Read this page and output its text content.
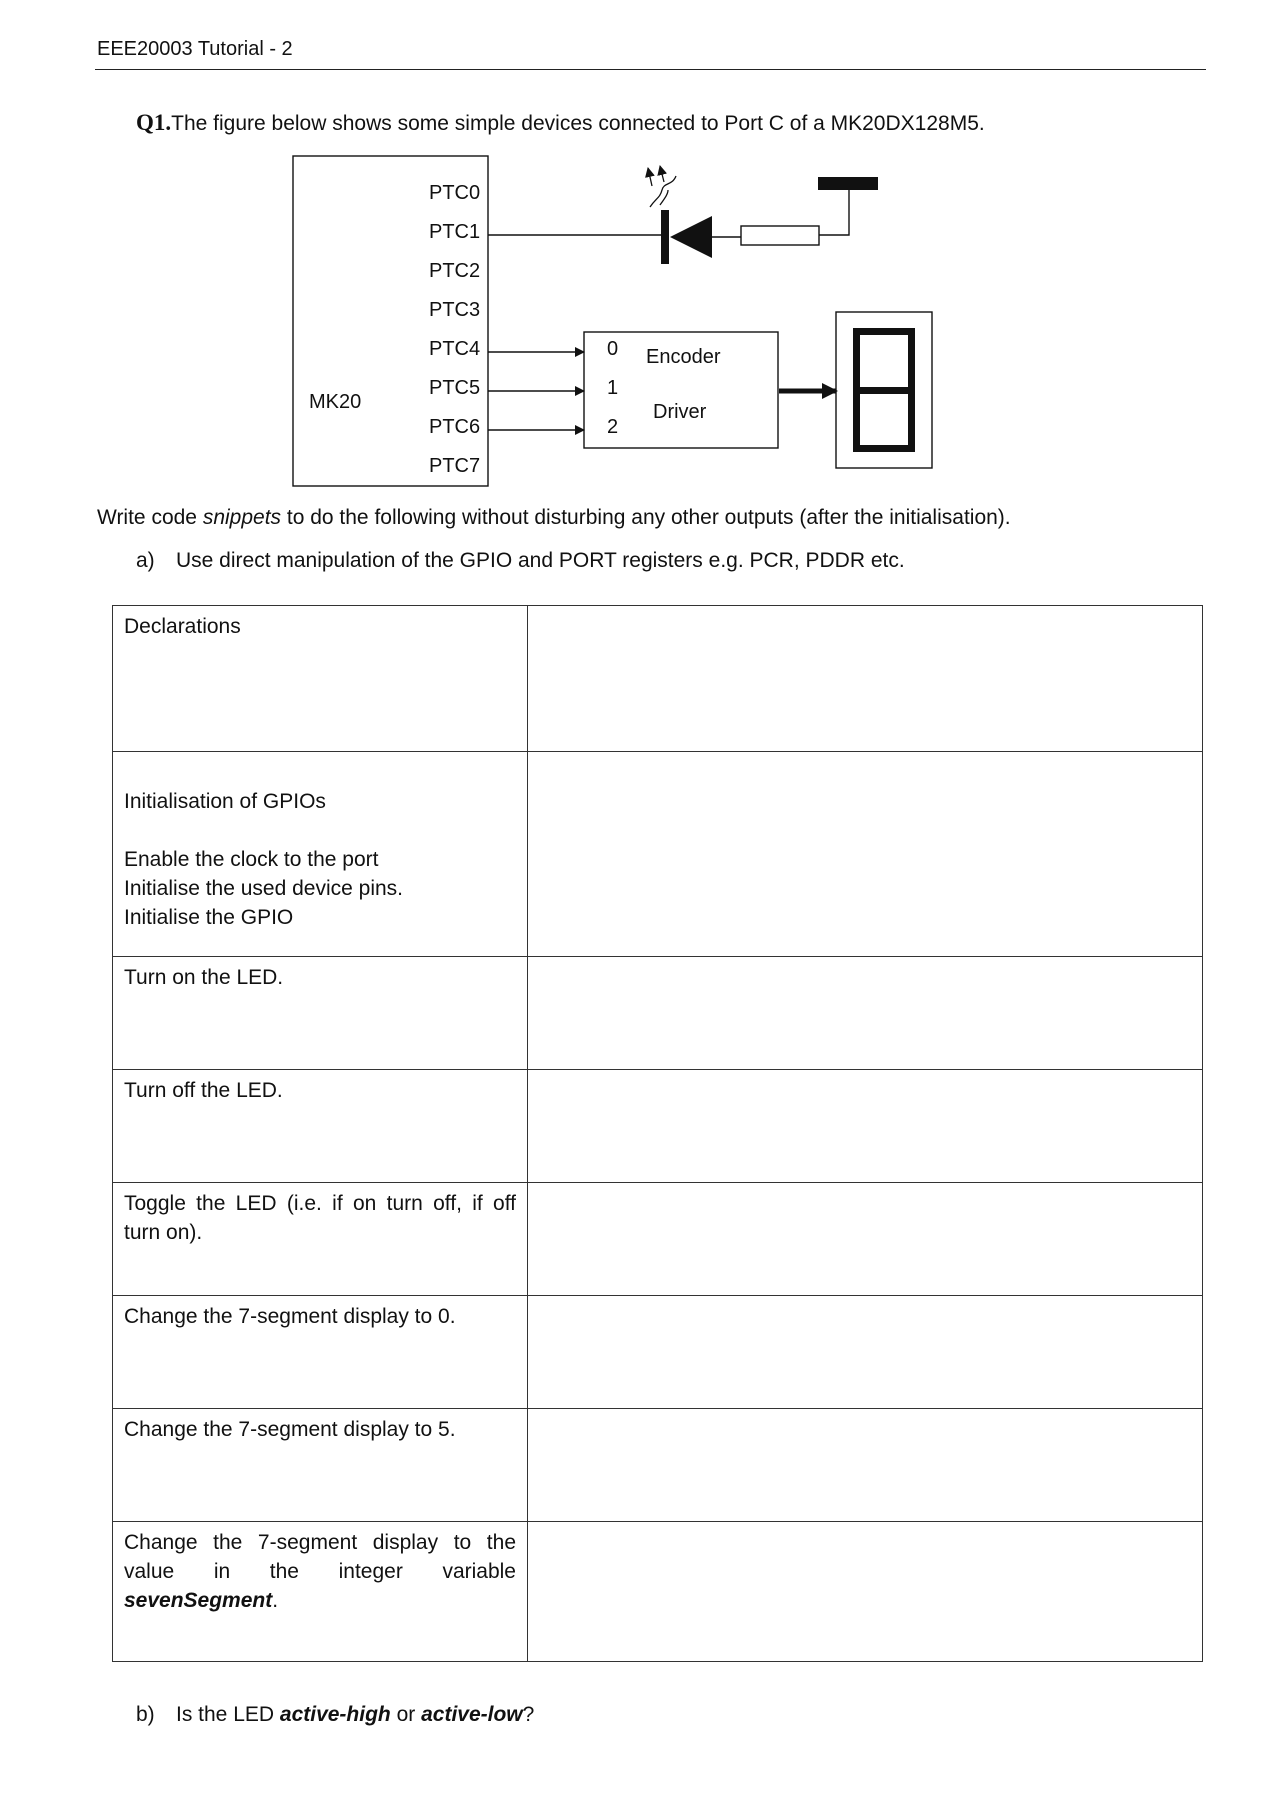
EEE20003 Tutorial - 2
Q1.The figure below shows some simple devices connected to Port C of a MK20DX128M5.
MK20
PTC0
PTC1
PTC2
PTC3
PTC4
PTC5
PTC6
PTC7
0
1
2
Encoder
Driver
Write code snippets to do the following without disturbing any other outputs (after the initialisation).
a) Use direct manipulation of the GPIO and PORT registers e.g. PCR, PDDR etc.
Declarations	

Initialisation of GPIOs
Enable the clock to the port
Initialise the used device pins.
Initialise the GPIO	

Turn on the LED.	
Turn off the LED.	

Toggle the LED (i.e. if on turn off, if off
turn on).	

Change the 7-segment display to 0.	
Change the 7-segment display to 5.	

Change the 7-segment display to the
value in the integer variable
sevenSegment.	

b) Is the LED active-high or active-low?
